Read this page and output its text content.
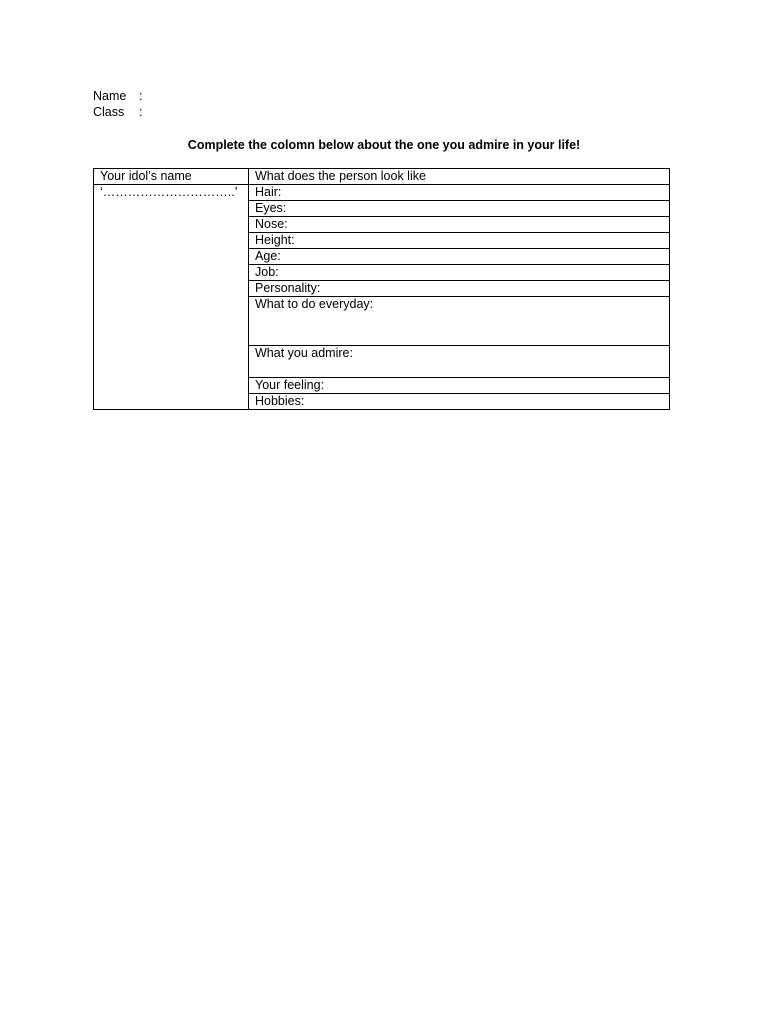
Name	:
Class	:
Complete the colomn below about the one you admire in your life!
Your idol’s name	What does the person look like
‘…………………………..’	Hair:
	Eyes:
	Nose:
	Height:
	Age:
	Job:
	Personality:
	What to do everyday:
	What you admire:
	Your feeling:
	Hobbies:
